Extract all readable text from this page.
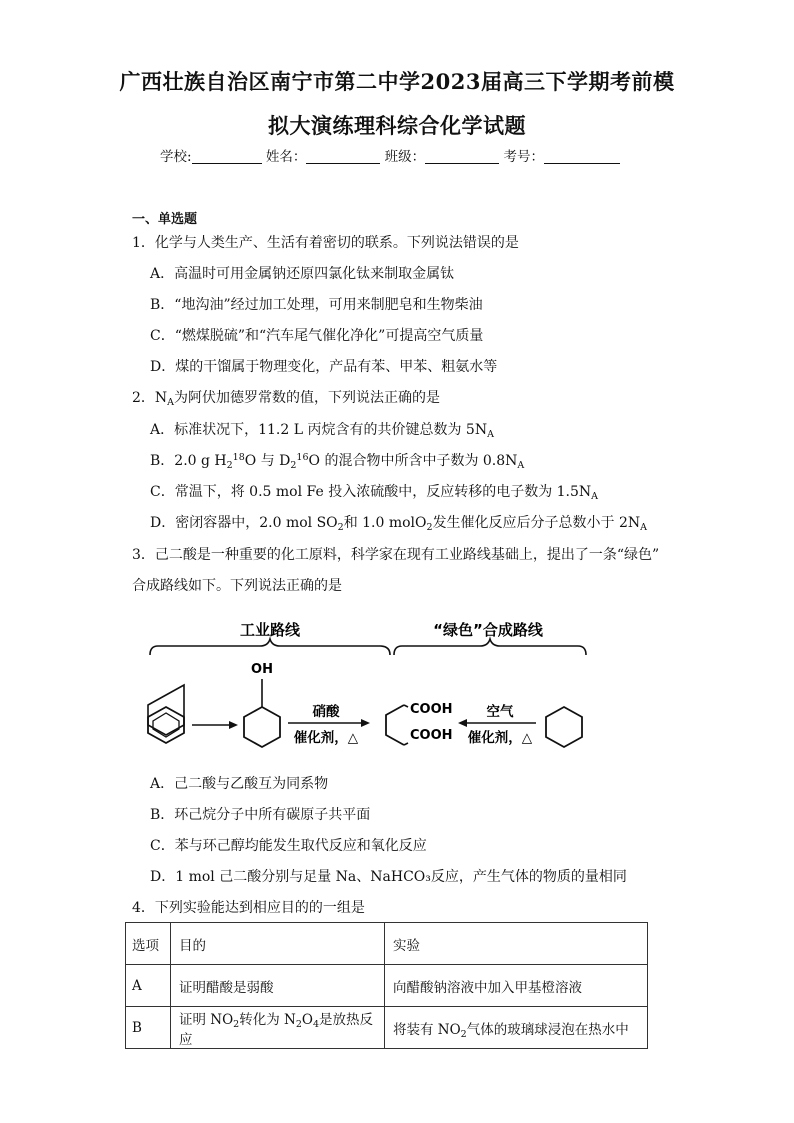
广西壮族自治区南宁市第二中学2023届高三下学期考前模
拟大演练理科综合化学试题
学校:	姓名：	班级：	考号：
一、单选题
1．化学与人类生产、生活有着密切的联系。下列说法错误的是
A．高温时可用金属钠还原四氯化钛来制取金属钛
B．“地沟油”经过加工处理，可用来制肥皂和生物柴油
C．“燃煤脱硫”和“汽车尾气催化净化”可提高空气质量
D．煤的干馏属于物理变化，产品有苯、甲苯、粗氨水等
2．$N_A$为阿伏加德罗常数的值，下列说法正确的是
A．标准状况下，11.2 L 丙烷含有的共价键总数为 $5N_A$
B．2.0 g $H_2^{18}O$ 与 $D_2^{16}O$ 的混合物中所含中子数为 $0.8N_A$
C．常温下，将 0.5 mol Fe 投入浓硫酸中，反应转移的电子数为 $1.5N_A$
D．密闭容器中，2.0 mol $SO_2$和 1.0 molO$_2$发生催化反应后分子总数小于 $2N_A$
3．己二酸是一种重要的化工原料，科学家在现有工业路线基础上，提出了一条“绿色”
合成路线如下。下列说法正确的是
工业路线	“绿色”合成路线
OH
硝酸
催化剂，△
COOH
COOH
空气
催化剂，△
A．己二酸与乙酸互为同系物
B．环己烷分子中所有碳原子共平面
C．苯与环己醇均能发生取代反应和氧化反应
D．1 mol 己二酸分别与足量 Na、NaHCO₃反应，产生气体的物质的量相同
4．下列实验能达到相应目的的一组是
选项	目的	实验
A	证明醋酸是弱酸	向醋酸钠溶液中加入甲基橙溶液
B	证明 $NO_2$转化为 $N_2O_4$是放热反应	将装有 $NO_2$气体的玻璃球浸泡在热水中
